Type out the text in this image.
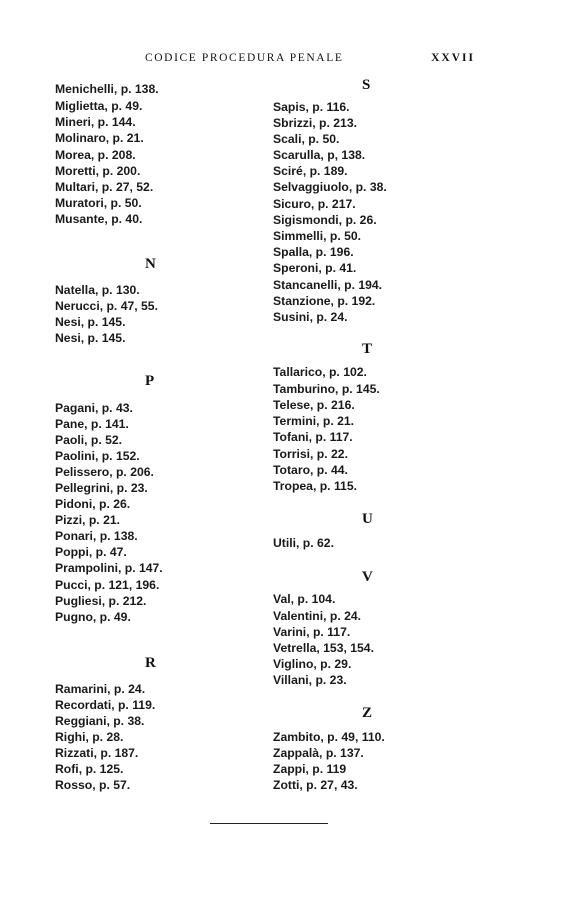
CODICE PROCEDURA PENALE	XXVII
Menichelli, p. 138.
Miglietta, p. 49.
Mineri, p. 144.
Molinaro, p. 21.
Morea, p. 208.
Moretti, p. 200.
Multari, p. 27, 52.
Muratori, p. 50.
Musante, p. 40.
N
Natella, p. 130.
Nerucci, p. 47, 55.
Nesi, p. 145.
Nesi, p. 145.
P
Pagani, p. 43.
Pane, p. 141.
Paoli, p. 52.
Paolini, p. 152.
Pelissero, p. 206.
Pellegrini, p. 23.
Pidoni, p. 26.
Pizzi, p. 21.
Ponari, p. 138.
Poppi, p. 47.
Prampolini, p. 147.
Pucci, p. 121, 196.
Pugliesi, p. 212.
Pugno, p. 49.
R
Ramarini, p. 24.
Recordati, p. 119.
Reggiani, p. 38.
Righi, p. 28.
Rizzati, p. 187.
Rofi, p. 125.
Rosso, p. 57.
S
Sapis, p. 116.
Sbrizzi, p. 213.
Scali, p. 50.
Scarulla, p, 138.
Sciré, p. 189.
Selvaggiuolo, p. 38.
Sicuro, p. 217.
Sigismondi, p. 26.
Simmelli, p. 50.
Spalla, p. 196.
Speroni, p. 41.
Stancanelli, p. 194.
Stanzione, p. 192.
Susini, p. 24.
T
Tallarico, p. 102.
Tamburino, p. 145.
Telese, p. 216.
Termini, p. 21.
Tofani, p. 117.
Torrisi, p. 22.
Totaro, p. 44.
Tropea, p. 115.
U
Utili, p. 62.
V
Val, p. 104.
Valentini, p. 24.
Varini, p. 117.
Vetrella, 153, 154.
Viglino, p. 29.
Villani, p. 23.
Z
Zambito, p. 49, 110.
Zappalà, p. 137.
Zappi, p. 119
Zotti, p. 27, 43.
